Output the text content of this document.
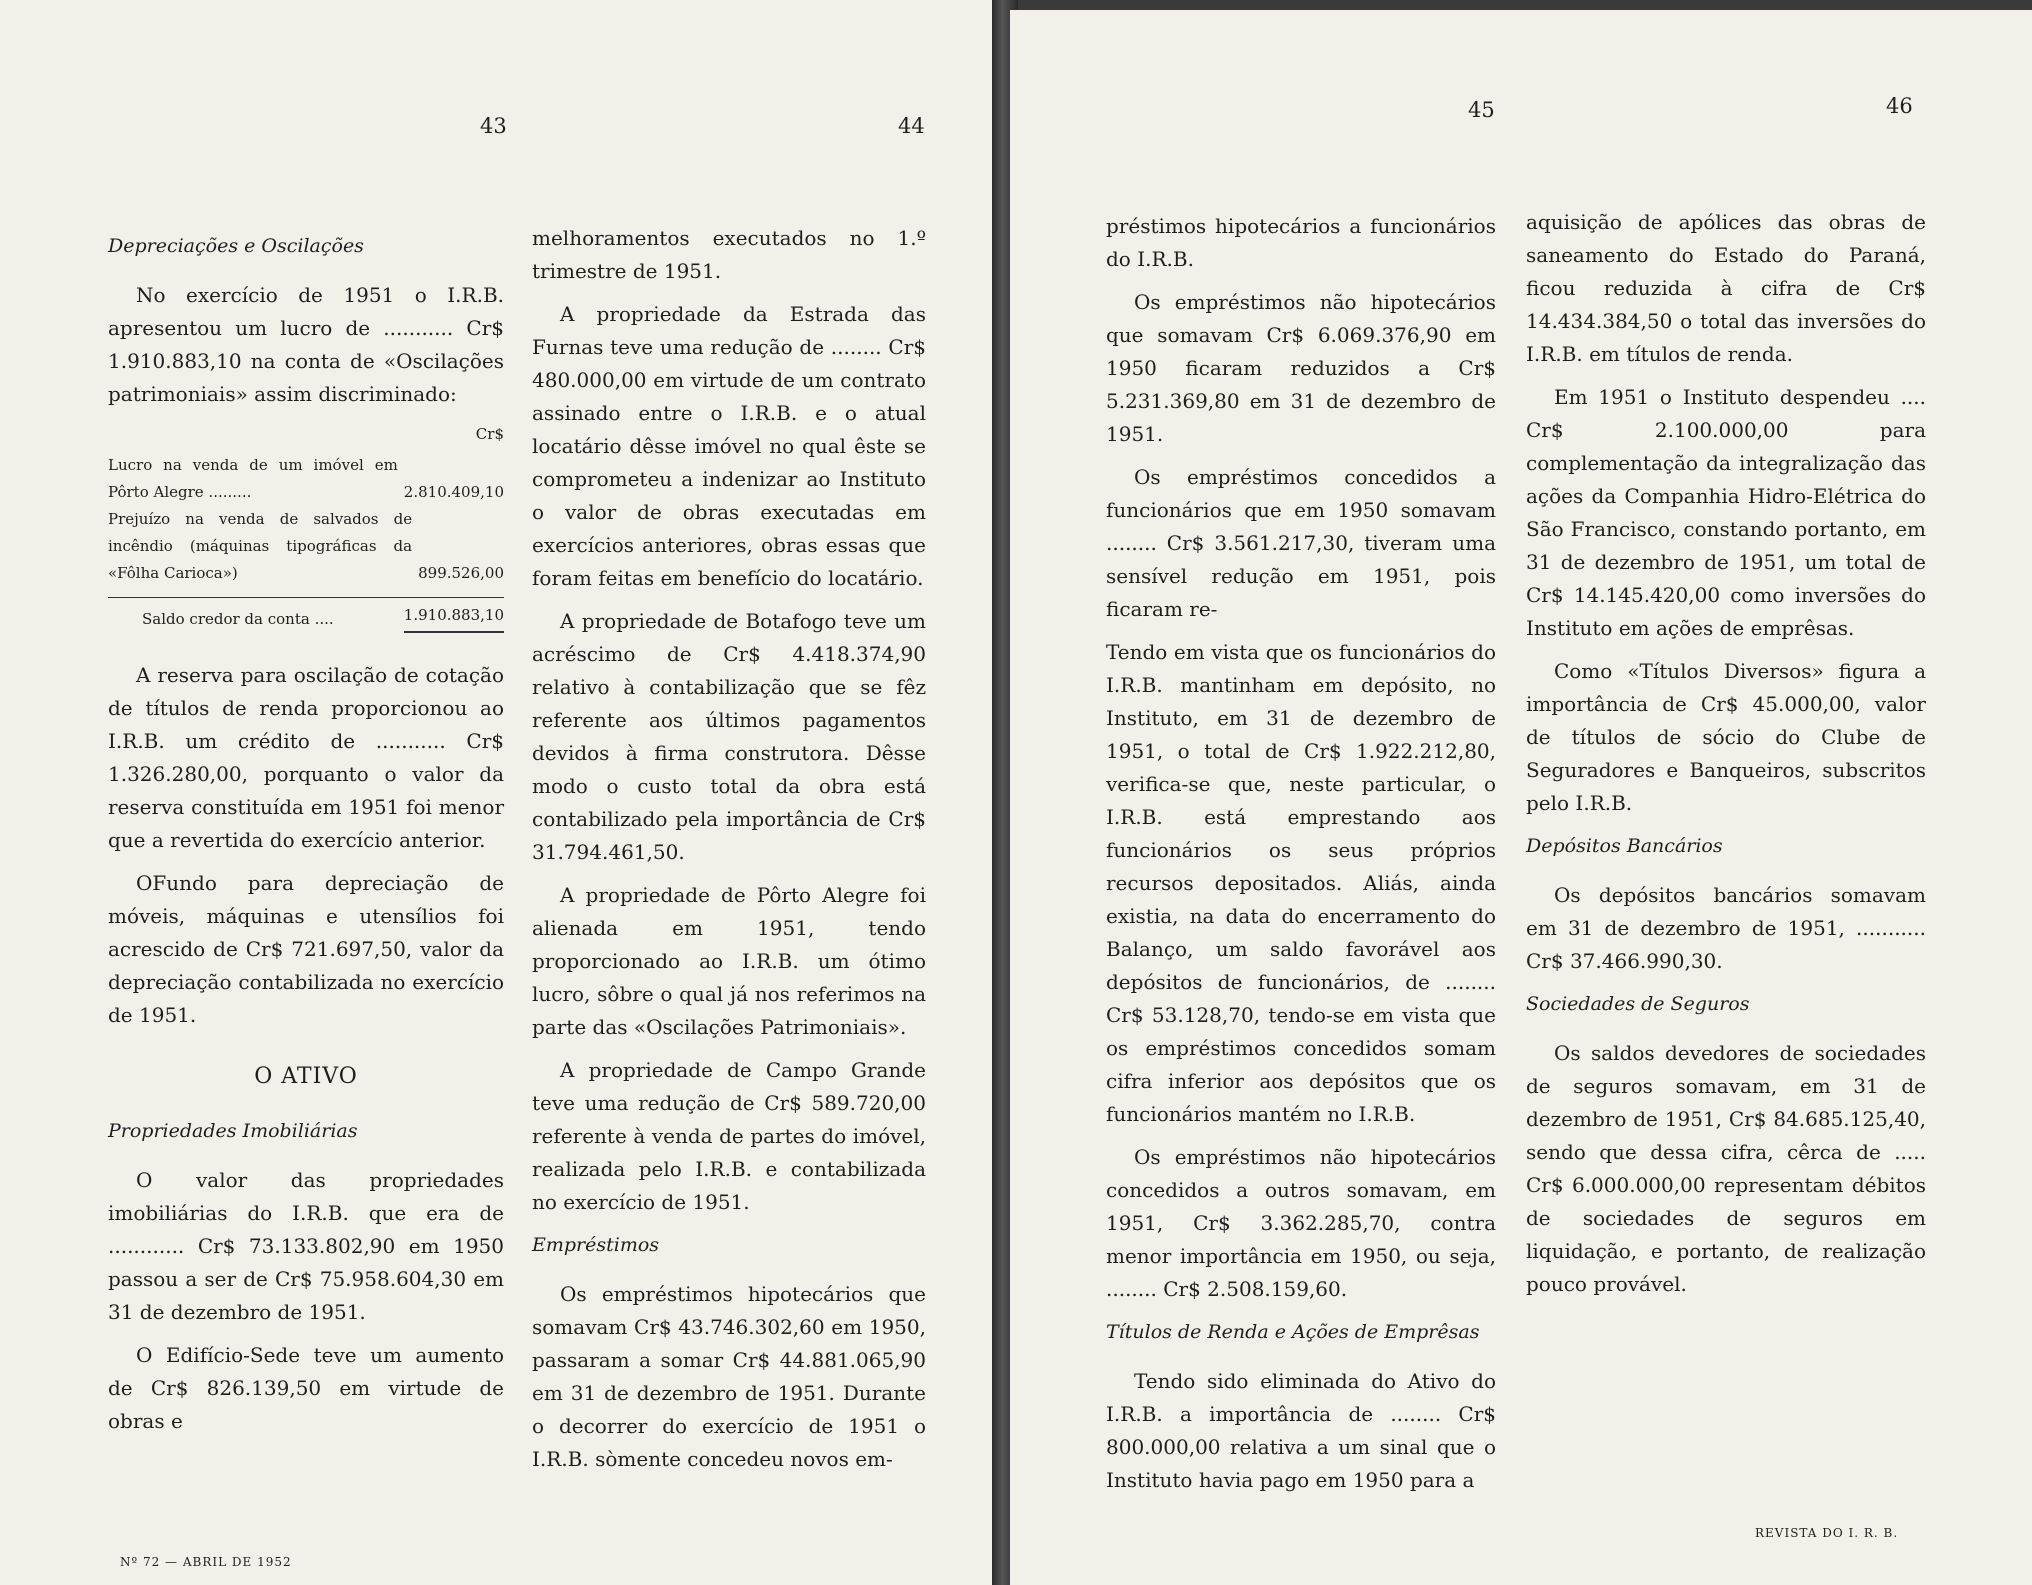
43	44
Depreciações e Oscilações

No exercício de 1951 o I.R.B. apresentou um lucro de ........... Cr$ 1.910.883,10 na conta de «Oscilações patrimoniais» assim discriminado:

Cr$
Lucro na venda de um imóvel em Pôrto Alegre .........	2.810.409,10
Prejuízo na venda de salvados de incêndio (máquinas tipográficas da «Fôlha Carioca»)	899.526,00
Saldo credor da conta ....	1.910.883,10

A reserva para oscilação de cotação de títulos de renda proporcionou ao I.R.B. um crédito de ........... Cr$ 1.326.280,00, porquanto o valor da reserva constituída em 1951 foi menor que a revertida do exercício anterior.

OFundo para depreciação de móveis, máquinas e utensílios foi acrescido de Cr$ 721.697,50, valor da depreciação contabilizada no exercício de 1951.

O ATIVO
Propriedades Imobiliárias

O valor das propriedades imobiliárias do I.R.B. que era de ............ Cr$ 73.133.802,90 em 1950 passou a ser de Cr$ 75.958.604,30 em 31 de dezembro de 1951.

O Edifício-Sede teve um aumento de Cr$ 826.139,50 em virtude de obras e

melhoramentos executados no 1.º trimestre de 1951.

A propriedade da Estrada das Furnas teve uma redução de ........ Cr$ 480.000,00 em virtude de um contrato assinado entre o I.R.B. e o atual locatário dêsse imóvel no qual êste se comprometeu a indenizar ao Instituto o valor de obras executadas em exercícios anteriores, obras essas que foram feitas em benefício do locatário.

A propriedade de Botafogo teve um acréscimo de Cr$ 4.418.374,90 relativo à contabilização que se fêz referente aos últimos pagamentos devidos à firma construtora. Dêsse modo o custo total da obra está contabilizado pela importância de Cr$ 31.794.461,50.

A propriedade de Pôrto Alegre foi alienada em 1951, tendo proporcionado ao I.R.B. um ótimo lucro, sôbre o qual já nos referimos na parte das «Oscilações Patrimoniais».

A propriedade de Campo Grande teve uma redução de Cr$ 589.720,00 referente à venda de partes do imóvel, realizada pelo I.R.B. e contabilizada no exercício de 1951.

Empréstimos

Os empréstimos hipotecários que somavam Cr$ 43.746.302,60 em 1950, passaram a somar Cr$ 44.881.065,90 em 31 de dezembro de 1951. Durante o decorrer do exercício de 1951 o I.R.B. sòmente concedeu novos em-

Nº 72 — ABRIL DE 1952
45	46

préstimos hipotecários a funcionários do I.R.B.

Os empréstimos não hipotecários que somavam Cr$ 6.069.376,90 em 1950 ficaram reduzidos a Cr$ 5.231.369,80 em 31 de dezembro de 1951.

Os empréstimos concedidos a funcionários que em 1950 somavam ........ Cr$ 3.561.217,30, tiveram uma sensível redução em 1951, pois ficaram re-

Tendo em vista que os funcionários do I.R.B. mantinham em depósito, no Instituto, em 31 de dezembro de 1951, o total de Cr$ 1.922.212,80, verifica-se que, neste particular, o I.R.B. está emprestando aos funcionários os seus próprios recursos depositados. Aliás, ainda existia, na data do encerramento do Balanço, um saldo favorável aos depósitos de funcionários, de ........ Cr$ 53.128,70, tendo-se em vista que os empréstimos concedidos somam cifra inferior aos depósitos que os funcionários mantém no I.R.B.

Os empréstimos não hipotecários concedidos a outros somavam, em 1951, Cr$ 3.362.285,70, contra menor importância em 1950, ou seja, ........ Cr$ 2.508.159,60.

Títulos de Renda e Ações de Emprêsas

Tendo sido eliminada do Ativo do I.R.B. a importância de ........ Cr$ 800.000,00 relativa a um sinal que o Instituto havia pago em 1950 para a

aquisição de apólices das obras de saneamento do Estado do Paraná, ficou reduzida à cifra de Cr$ 14.434.384,50 o total das inversões do I.R.B. em títulos de renda.

Em 1951 o Instituto despendeu .... Cr$ 2.100.000,00 para complementação da integralização das ações da Companhia Hidro-Elétrica do São Francisco, constando portanto, em 31 de dezembro de 1951, um total de Cr$ 14.145.420,00 como inversões do Instituto em ações de emprêsas.

Como «Títulos Diversos» figura a importância de Cr$ 45.000,00, valor de títulos de sócio do Clube de Seguradores e Banqueiros, subscritos pelo I.R.B.

Depósitos Bancários

Os depósitos bancários somavam em 31 de dezembro de 1951, ........... Cr$ 37.466.990,30.

Sociedades de Seguros

Os saldos devedores de sociedades de seguros somavam, em 31 de dezembro de 1951, Cr$ 84.685.125,40, sendo que dessa cifra, cêrca de ..... Cr$ 6.000.000,00 representam débitos de sociedades de seguros em liquidação, e portanto, de realização pouco provável.

REVISTA DO I. R. B.
